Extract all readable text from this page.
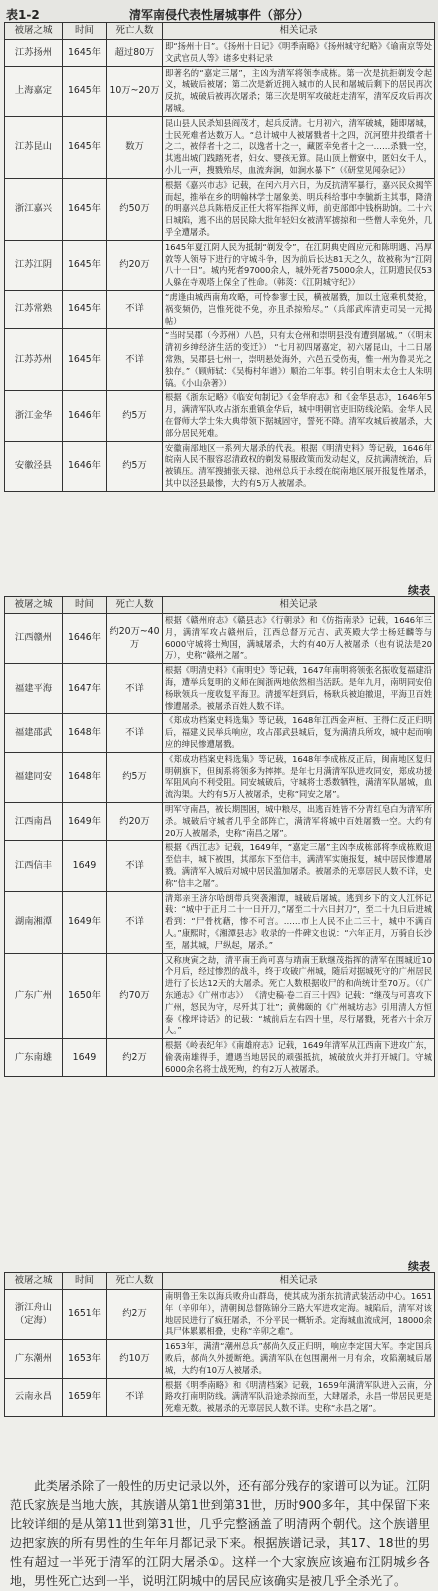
表1-2	清军南侵代表性屠城事件（部分）
被屠之城	时间	死亡人数	相关记录
江苏扬州	1645年	超过80万	即“扬州十日”。《扬州十日记》《明季南略》《扬州城守纪略》《谕南京等处文武官员人等》诸多史料记录
上海嘉定	1645年	10万~20万	即著名的“嘉定三屠”，主凶为清军将领李成栋。第一次是抗拒剃发令起义，城破后被屠；第二次是新近拥入城市的人民和屠城后剩下的居民再次反抗，城破后被再次屠杀；第三次是明军攻破赶走清军，清军反攻后再次屠城。
江苏昆山	1645年	数万	昆山县人民杀知县阎茂才，起兵反清。七月初六，清军破城，随即屠城，士民死难者达数万人。“总计城中人被屠戮者十之四，沉河堕井投缳者十之二，被俘者十之二，以逸者十之一，藏匿幸免者十之一……杀戮一空，其逃出城门践踏死者，妇女、婴孩无算。昆山顶上僧寮中，匿妇女千人，小儿一声，搜戮殆尽，血流奔涧，如涧水暴下”（《研堂见闻杂记》）
浙江嘉兴	1645年	约50万	根据《嘉兴市志》记载，在闰六月六日，为反抗清军暴行，嘉兴民众揭竿而起，推举在乡的明翰林学士屠象美、明兵科给事中李毓新主其事，降清的明嘉兴总兵陈梧反正任大将军指挥义师，前吏部郎中钱栴助饷。二十六日城陷，逃不出的居民除大批年轻妇女被清军掳掠和一些僧人幸免外，几乎全遭屠杀。
江苏江阴	1645年	约20万	1645年夏江阴人民为抵制“剃发令”，在江阴典史阎应元和陈明遇、冯厚敦等人领导下进行的守城斗争，因为前后长达81天之久，故被称为“江阴八十一日”。城内死者97000余人，城外死者75000余人，江阴遗民仅53人躲在寺观塔上保全了性命。（韩菼：《江阴城守纪》）
江苏常熟	1645年	不详	“虏逢由城西南角攻略，可怜参寥士民，横被屠戮，加以土寇乘机焚抢，祸变频仍，岂惟死徙不免，亦且杀掠殆尽。”（兵部武库清吏司吴一元揭帖）
江苏苏州	1645年	不详	“当时吴郡（今苏州）八邑，只有太仓州和崇明县没有遭到屠城。”（《明末清初乡绅经济生活的变迁》） “七月初四屠嘉定，初六屠昆山，十二日屠常熟，吴郡县七州一，崇明悬处海外，六邑五受伤夷，惟一州为鲁灵光之独存。”（顾师轼：《吴梅村年谱》）顺治二年事。转引自明末太仓士人朱明镐。《小山杂著》）
浙江金华	1646年	约5万	根据《浙东记略》《临安旬制记》《金华府志》和《金华县志》，1646年5月，满清军队攻占浙东重镇金华后，城中明朝官吏旧防线沦陷。金华人民在督师大学士朱大典带领下据城固守，誓死不降。清军攻城后被屠杀，大部分居民死难。
安徽泾县	1646年	约5万	安徽南部地区一系列大屠杀的代表。根据《明清史料》等记载，1646年皖南人民不服容忍清政权的剃发易服政策而发动起义，反抗满清统治，后被镇压。清军搜捕张天禄、池州总兵于永绶在皖南地区展开报复性屠杀，其中以泾县最惨，大约有5万人被屠杀。
续表
被屠之城	时间	死亡人数	相关记录
江西赣州	1646年	约20万~40万	根据《赣州府志》《赣县志》《行朝录》和《仿指南录》记载，1646年三月，满清军攻占赣州后，江西总督万元吉、武英殿大学士杨廷麟等与6000守城将士殉国，满城屠杀，大约有40万人被屠杀（也有说法是20万），史称“赣州之屠”。
福建平海	1647年	不详	根据《明清史料》《南明史》等记载，1647年南明将领张名振收复福建沿海，遭举兵复明的义师在闽浙两地依然相当活跃。是年九月，南明同安伯杨耿领兵一度收复平海卫。清援军赶到后，杨耿兵被迫撤退，平海卫百姓惨遭屠杀。被屠杀百姓人数不详。
福建邵武	1648年	不详	《郑成功档案史料选集》等记载，1648年江西金声桓、王得仁反正归明后，福建义民举兵响应，攻占邵武县城后，复为满清兵所攻，城中起而响应的绅民惨遭屠戮。
福建同安	1648年	约5万	《郑成功档案史料选集》等记载，1648年李成栋反正后，闽南地区复归明朝旗下，但闽系将领多为摔摔。是年七月满清军队进攻同安，郑成功援军阻风向不利受阻。同安城破后，守城将士悉数牺牲，满清军队屠城，血流沟渠。大约有5万人被屠杀，史称“同安之屠”。
江西南昌	1649年	约20万	明军守南昌，被长期围困，城中粮尽，出逃百姓皆不分青红皂白为清军所杀。城破后守城者几乎全部阵亡，满清军将城中百姓屠戮一空。大约有20万人被屠杀，史称“南昌之屠”。
江西信丰	1649	不详	根据《西江志》记载，1649年，“嘉定三屠”主凶李成栋部将李成栋败退至信丰，城下被围，其部东下至信丰，满清军实施报复，城中居民惨遭屠戮。满清军入城后对城中居民滥加屠杀。被屠杀的无辜居民人数不详，史称“信丰之屠”。
湖南湘潭	1649年	不详	清郑亲王济尔哈朗带兵突袭湘潭，城破后屠城。逃到乡下的文人江怀记载：“城中于正月二十一日开刀，”屠至二十六日封刀”，至二十九日后进城看到：“尸骨枕藉，惨不可言。……市上人民不止二三十，城中不满百人。”康熙时，《湘潭县志》收录的一件碑文也说：“六年正月，万骑自长沙至，屠其城，尸纵起，屠杀。”
广东广州	1650年	约70万	又称庚寅之劫，清平南王尚可喜与靖南王耿继茂指挥的清军在围城近10个月后，经过惨烈的战斗，终于攻破广州城，随后对据城死守的广州居民进行了长达12天的大屠杀。死亡人数根据收尸的和尚统计至70万。（《广东通志》《广州市志》） 《清史稿·卷二百三十四》记载：“继茂与可喜攻下广州，怒民为守，尽歼其丁壮”；黄佛颐的《广州城坊志》引用清人方恒泰《橡坪诗话》的记载：“城前后左右四十里，尽行屠戮，死者六十余万人。”
广东南雄	1649	约2万	根据《岭表纪年》《南雄府志》记载，1649年清军从江西南下进攻广东，偷袭南雄得手，遭遇当地居民的顽强抵抗，城破放火并打开城门。守城6000余名将士战死殉，约有2万人被屠杀。
续表
被屠之城	时间	死亡人数	相关记录
浙江舟山（定海）	1651年	约2万	南明鲁王朱以海兵败舟山群岛，使其成为浙东抗清武装活动中心。1651年（辛卯年），清朝闽总督陈锦分三路大军进攻定海。城陷后，清军对该地居民进行了疯狂屠杀，不分平民一概斩杀。定海城血流成河，18000余具尸体累累相叠，史称“辛卯之难”。
广东潮州	1653年	约10万	1653年，满清“潮州总兵”郝尚久反正归明，响应李定国大军。李定国兵败后，郝尚久外援断绝。满清军队在包围潮州一月有余，攻陷潮城后屠城，大约有10万人被屠杀。
云南永昌	1659年	不详	根据《明季南略》和《明清档案》记载，1659年满清军队进入云南，分路攻打南明防线。满清军队沿途杀掠而至，大肆屠杀，永昌一带居民更是死难无数。被屠杀的无辜居民人数不详。史称“永昌之屠”。

此类屠杀除了一般性的历史记录以外，还有部分残存的家谱可以为证。江阴范氏家族是当地大族，其族谱从第1世到第31世，历时900多年，其中保留下来比较详细的是从第11世到第31世，几乎完整涵盖了明清两个朝代。这个族谱里边把家族的所有男性的生年年月都记录下来。根据族谱记录，其17、18世的男性有超过一半死于清军的江阴大屠杀①。这样一个大家族应该遍布江阴城乡各地，男性死亡达到一半，说明江阴城中的居民应该确实是被几乎全杀光了。
